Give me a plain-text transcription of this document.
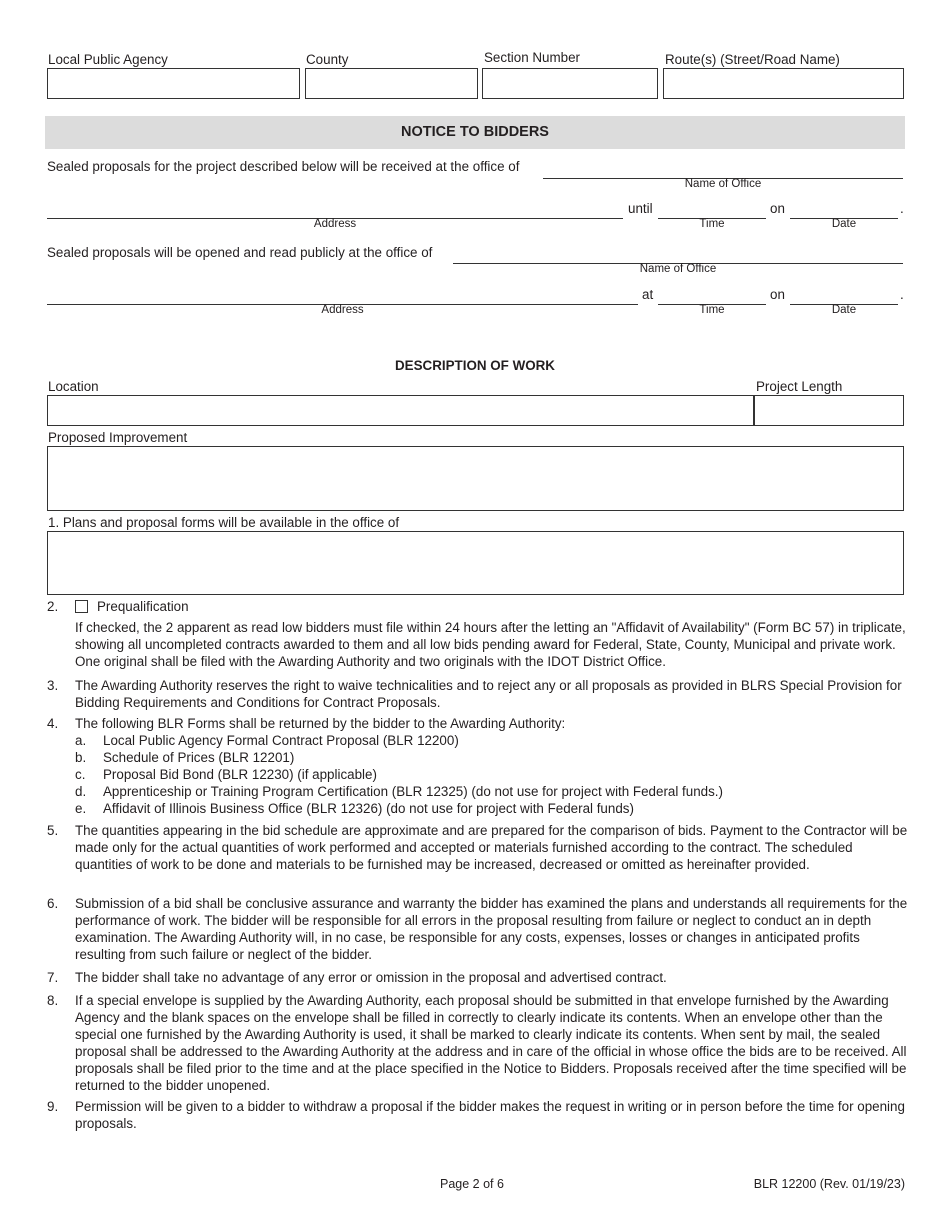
Local Public Agency	County	Section Number	Route(s) (Street/Road Name)
NOTICE TO BIDDERS
Sealed proposals for the project described below will be received at the office of
Name of Office
Address
until
Time
on
Date
.
Sealed proposals will be opened and read publicly at the office of
Name of Office
Address
at
Time
on
Date
.
DESCRIPTION OF WORK
Location	Project Length
Proposed Improvement
1. Plans and proposal forms will be available in the office of
2.	Prequalification
If checked, the 2 apparent as read low bidders must file within 24 hours after the letting an "Affidavit of Availability" (Form BC 57) in triplicate, showing all uncompleted contracts awarded to them and all low bids pending award for Federal, State, County, Municipal and private work. One original shall be filed with the Awarding Authority and two originals with the IDOT District Office.
3. The Awarding Authority reserves the right to waive technicalities and to reject any or all proposals as provided in BLRS Special Provision for Bidding Requirements and Conditions for Contract Proposals.
4. The following BLR Forms shall be returned by the bidder to the Awarding Authority:
a. Local Public Agency Formal Contract Proposal (BLR 12200)
b. Schedule of Prices (BLR 12201)
c. Proposal Bid Bond (BLR 12230) (if applicable)
d. Apprenticeship or Training Program Certification (BLR 12325) (do not use for project with Federal funds.)
e. Affidavit of Illinois Business Office (BLR 12326) (do not use for project with Federal funds)
5. The quantities appearing in the bid schedule are approximate and are prepared for the comparison of bids. Payment to the Contractor will be made only for the actual quantities of work performed and accepted or materials furnished according to the contract. The scheduled quantities of work to be done and materials to be furnished may be increased, decreased or omitted as hereinafter provided.
6. Submission of a bid shall be conclusive assurance and warranty the bidder has examined the plans and understands all requirements for the performance of work. The bidder will be responsible for all errors in the proposal resulting from failure or neglect to conduct an in depth examination. The Awarding Authority will, in no case, be responsible for any costs, expenses, losses or changes in anticipated profits resulting from such failure or neglect of the bidder.
7. The bidder shall take no advantage of any error or omission in the proposal and advertised contract.
8. If a special envelope is supplied by the Awarding Authority, each proposal should be submitted in that envelope furnished by the Awarding Agency and the blank spaces on the envelope shall be filled in correctly to clearly indicate its contents. When an envelope other than the special one furnished by the Awarding Authority is used, it shall be marked to clearly indicate its contents. When sent by mail, the sealed proposal shall be addressed to the Awarding Authority at the address and in care of the official in whose office the bids are to be received. All proposals shall be filed prior to the time and at the place specified in the Notice to Bidders. Proposals received after the time specified will be returned to the bidder unopened.
9. Permission will be given to a bidder to withdraw a proposal if the bidder makes the request in writing or in person before the time for opening proposals.
Page 2 of 6	BLR 12200 (Rev. 01/19/23)
